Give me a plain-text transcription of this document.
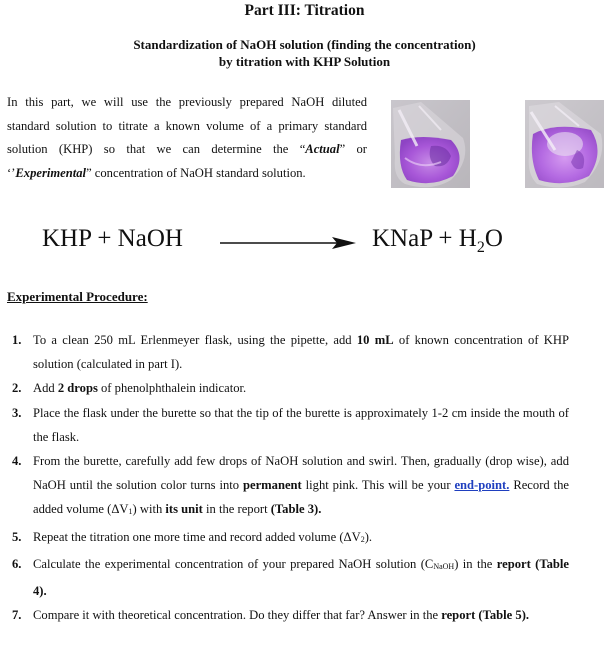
Part III: Titration
Standardization of NaOH solution (finding the concentration)
by titration with KHP Solution
In this part, we will use the previously prepared NaOH diluted standard solution to titrate a known volume of a primary standard solution (KHP) so that we can determine the “Actual” or ‘’Experimental” concentration of NaOH standard solution.
KHP + NaOH	KNaP + $H_2O$
Experimental Procedure:
1. To a clean 250 mL Erlenmeyer flask, using the pipette, add 10 mL of known concentration of KHP solution (calculated in part I).
2. Add 2 drops of phenolphthalein indicator.
3. Place the flask under the burette so that the tip of the burette is approximately 1-2 cm inside the mouth of the flask.
4. From the burette, carefully add few drops of NaOH solution and swirl. Then, gradually (drop wise), add NaOH until the solution color turns into permanent light pink. This will be your end-point. Record the added volume $(\Delta V_1)$ with its unit in the report (Table 3).
5. Repeat the titration one more time and record added volume $(\Delta V_2)$.
6. Calculate the experimental concentration of your prepared NaOH solution $(C_{NaOH})$ in the report (Table 4).
7. Compare it with theoretical concentration. Do they differ that far? Answer in the report (Table 5).
